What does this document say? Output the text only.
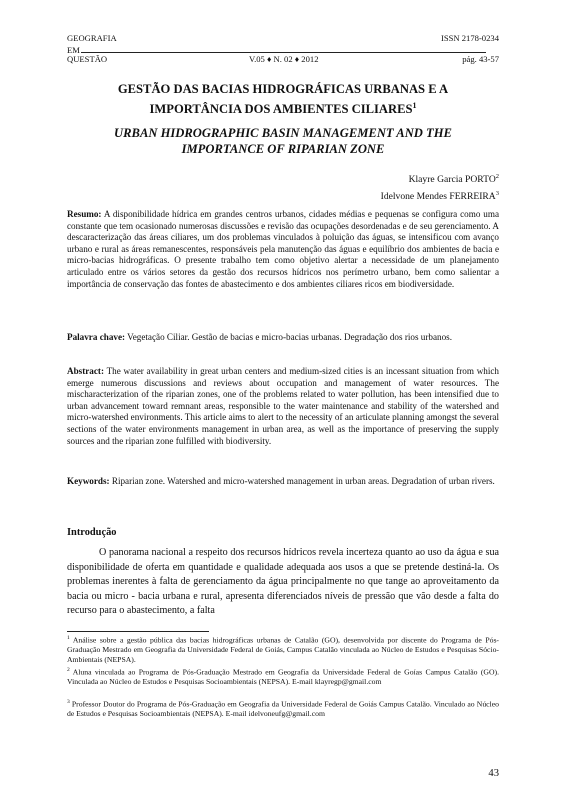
GEOGRAFIA	ISSN 2178-0234
EM
QUESTÃO	V.05 ♦ N. 02 ♦ 2012	pág. 43-57
GESTÃO DAS BACIAS HIDROGRÁFICAS URBANAS E A
IMPORTÂNCIA DOS AMBIENTES CILIARES$^1$
URBAN HIDROGRAPHIC BASIN MANAGEMENT AND THE
IMPORTANCE OF RIPARIAN ZONE
Klayre Garcia PORTO$^2$
Idelvone Mendes FERREIRA$^3$

Resumo: A disponibilidade hídrica em grandes centros urbanos, cidades médias e pequenas se configura como uma constante que tem ocasionado numerosas discussões e revisão das ocupações desordenadas e de seu gerenciamento. A descaracterização das áreas ciliares, um dos problemas vinculados à poluição das águas, se intensificou com avanço urbano e rural as áreas remanescentes, responsáveis pela manutenção das águas e equilíbrio dos ambientes de bacia e micro-bacias hidrográficas. O presente trabalho tem como objetivo alertar a necessidade de um planejamento articulado entre os vários setores da gestão dos recursos hídricos nos perímetro urbano, bem como salientar a importância de conservação das fontes de abastecimento e dos ambientes ciliares ricos em biodiversidade.

Palavra chave: Vegetação Ciliar. Gestão de bacias e micro-bacias urbanas. Degradação dos rios urbanos.

Abstract: The water availability in great urban centers and medium-sized cities is an incessant situation from which emerge numerous discussions and reviews about occupation and management of water resources. The mischaracterization of the riparian zones, one of the problems related to water pollution, has been intensified due to urban advancement toward remnant areas, responsible to the water maintenance and stability of the watershed and micro-watershed environments. This article aims to alert to the necessity of an articulate planning amongst the several sections of the water environments management in urban area, as well as the importance of preserving the supply sources and the riparian zone fulfilled with biodiversity.

Keywords: Riparian zone. Watershed and micro-watershed management in urban areas. Degradation of urban rivers.

Introdução

O panorama nacional a respeito dos recursos hídricos revela incerteza quanto ao uso da água e sua disponibilidade de oferta em quantidade e qualidade adequada aos usos a que se pretende destiná-la. Os problemas inerentes à falta de gerenciamento da água principalmente no que tange ao aproveitamento da bacia ou micro - bacia urbana e rural, apresenta diferenciados níveis de pressão que vão desde a falta do recurso para o abastecimento, a falta

$^1$ Análise sobre a gestão pública das bacias hidrográficas urbanas de Catalão (GO), desenvolvida por discente do Programa de Pós-Graduação Mestrado em Geografia da Universidade Federal de Goiás, Campus Catalão vinculada ao Núcleo de Estudos e Pesquisas Sócio-Ambientais (NEPSA).

$^2$ Aluna vinculada ao Programa de Pós-Graduação Mestrado em Geografia da Universidade Federal de Goías Campus Catalão (GO). Vinculada ao Núcleo de Estudos e Pesquisas Socioambientais (NEPSA). E-mail klayregp@gmail.com

$^3$ Professor Doutor do Programa de Pós-Graduação em Geografia da Universidade Federal de Goiás Campus Catalão. Vinculado ao Núcleo de Estudos e Pesquisas Socioambientais (NEPSA). E-mail idelvoneufg@gmail.com

43
